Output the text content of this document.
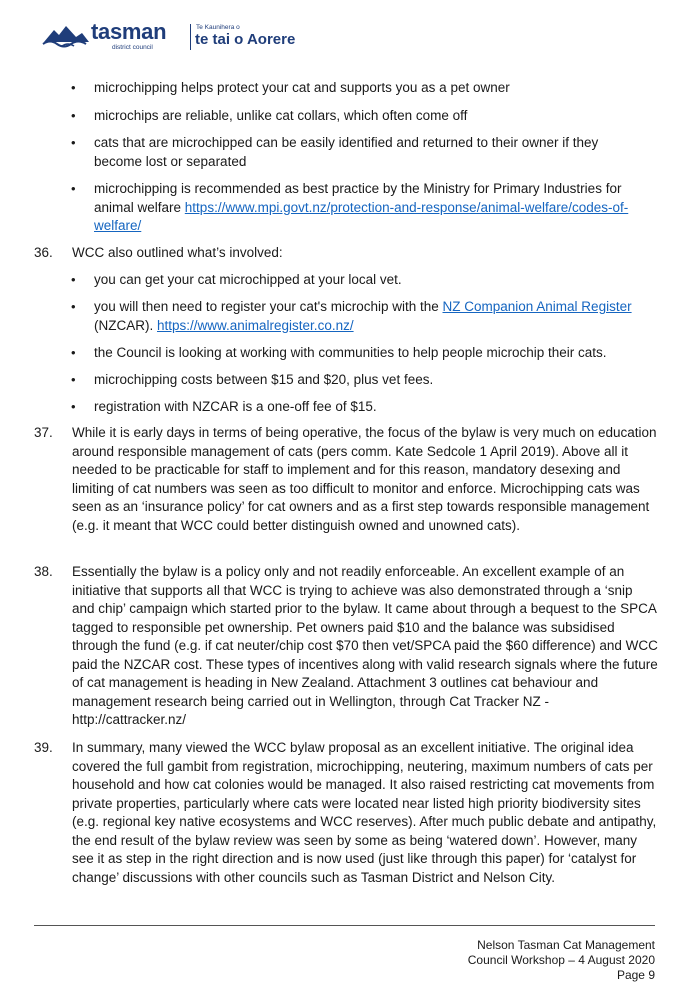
tasman
district council
Te Kaunihera o
te tai o Aorere
•	microchipping helps protect your cat and supports you as a pet owner
•	microchips are reliable, unlike cat collars, which often come off
•	cats that are microchipped can be easily identified and returned to their owner if they become lost or separated
•	microchipping is recommended as best practice by the Ministry for Primary Industries for animal welfare https://www.mpi.govt.nz/protection-and-response/animal-welfare/codes-of-welfare/
36.	WCC also outlined what’s involved:
•	you can get your cat microchipped at your local vet.
•	you will then need to register your cat's microchip with the NZ Companion Animal Register (NZCAR). https://www.animalregister.co.nz/
•	the Council is looking at working with communities to help people microchip their cats.
•	microchipping costs between $15 and $20, plus vet fees.
•	registration with NZCAR is a one-off fee of $15.
37.	While it is early days in terms of being operative, the focus of the bylaw is very much on education around responsible management of cats (pers comm. Kate Sedcole 1 April 2019). Above all it needed to be practicable for staff to implement and for this reason, mandatory desexing and limiting of cat numbers was seen as too difficult to monitor and enforce. Microchipping cats was seen as an ‘insurance policy’ for cat owners and as a first step towards responsible management (e.g. it meant that WCC could better distinguish owned and unowned cats).
38.	Essentially the bylaw is a policy only and not readily enforceable. An excellent example of an initiative that supports all that WCC is trying to achieve was also demonstrated through a ‘snip and chip’ campaign which started prior to the bylaw. It came about through a bequest to the SPCA tagged to responsible pet ownership. Pet owners paid $10 and the balance was subsidised through the fund (e.g. if cat neuter/chip cost $70 then vet/SPCA paid the $60 difference) and WCC paid the NZCAR cost. These types of incentives along with valid research signals where the future of cat management is heading in New Zealand. Attachment 3 outlines cat behaviour and management research being carried out in Wellington, through Cat Tracker NZ - http://cattracker.nz/
39.	In summary, many viewed the WCC bylaw proposal as an excellent initiative. The original idea covered the full gambit from registration, microchipping, neutering, maximum numbers of cats per household and how cat colonies would be managed. It also raised restricting cat movements from private properties, particularly where cats were located near listed high priority biodiversity sites (e.g. regional key native ecosystems and WCC reserves). After much public debate and antipathy, the end result of the bylaw review was seen by some as being ‘watered down’. However, many see it as step in the right direction and is now used (just like through this paper) for ‘catalyst for change’ discussions with other councils such as Tasman District and Nelson City.
Nelson Tasman Cat Management
Council Workshop – 4 August 2020
Page 9
